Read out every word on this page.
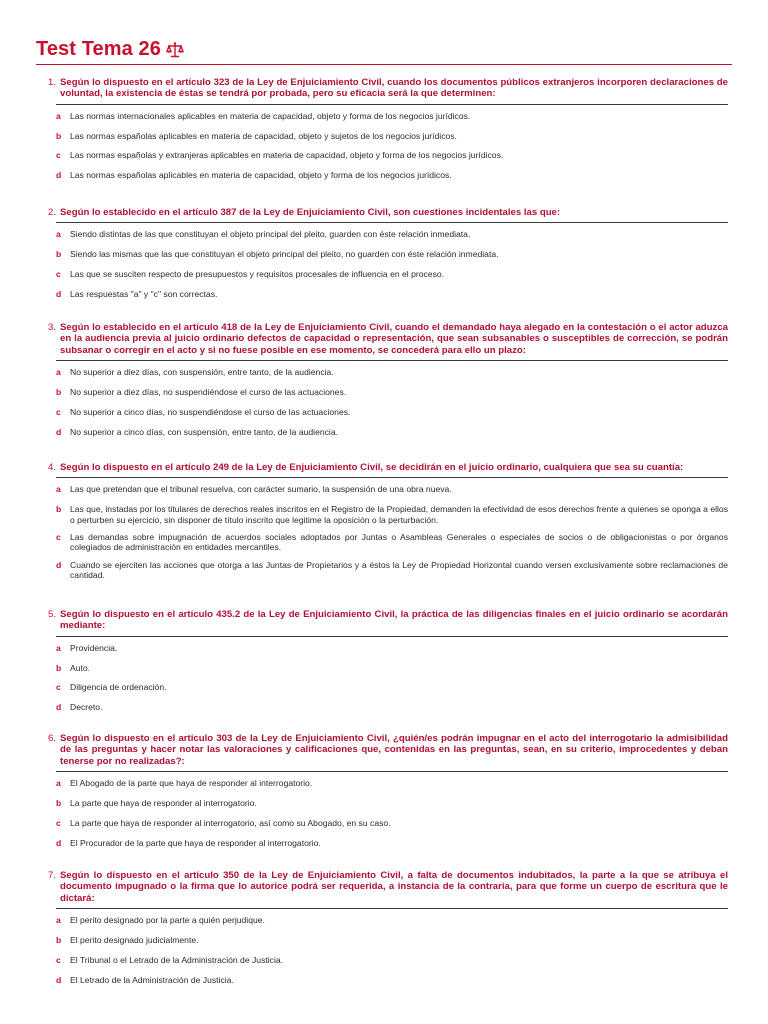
Test Tema 26
1. Según lo dispuesto en el artículo 323 de la Ley de Enjuiciamiento Civil, cuando los documentos públicos extranjeros incorporen declaraciones de voluntad, la existencia de éstas se tendrá por probada, pero su eficacia será la que determinen:
a	Las normas internacionales aplicables en materia de capacidad, objeto y forma de los negocios jurídicos.
b	Las normas españolas aplicables en materia de capacidad, objeto y sujetos de los negocios jurídicos.
c	Las normas españolas y extranjeras aplicables en materia de capacidad, objeto y forma de los negocios jurídicos.
d	Las normas españolas aplicables en materia de capacidad, objeto y forma de los negocios jurídicos.
2. Según lo establecido en el artículo 387 de la Ley de Enjuiciamiento Civil, son cuestiones incidentales las que:
a	Siendo distintas de las que constituyan el objeto principal del pleito, guarden con éste relación inmediata.
b	Siendo las mismas que las que constituyan el objeto principal del pleito, no guarden con éste relación inmediata.
c	Las que se susciten respecto de presupuestos y requisitos procesales de influencia en el proceso.
d	Las respuestas "a" y "c" son correctas.
3. Según lo establecido en el artículo 418 de la Ley de Enjuiciamiento Civil, cuando el demandado haya alegado en la contestación o el actor aduzca en la audiencia previa al juicio ordinario defectos de capacidad o representación, que sean subsanables o susceptibles de corrección, se podrán subsanar o corregir en el acto y si no fuese posible en ese momento, se concederá para ello un plazo:
a	No superior a diez días, con suspensión, entre tanto, de la audiencia.
b	No superior a diez días, no suspendiéndose el curso de las actuaciones.
c	No superior a cinco días, no suspendiéndose el curso de las actuaciones.
d	No superior a cinco días, con suspensión, entre tanto, de la audiencia.
4. Según lo dispuesto en el artículo 249 de la Ley de Enjuiciamiento Civil, se decidirán en el juicio ordinario, cualquiera que sea su cuantía:
a	Las que pretendan que el tribunal resuelva, con carácter sumario, la suspensión de una obra nueva.
b	Las que, instadas por los titulares de derechos reales inscritos en el Registro de la Propiedad, demanden la efectividad de esos derechos frente a quienes se oponga a ellos o perturben su ejercicio, sin disponer de título inscrito que legitime la oposición o la perturbación.
c	Las demandas sobre impugnación de acuerdos sociales adoptados por Juntas o Asambleas Generales o especiales de socios o de obligacionistas o por órganos colegiados de administración en entidades mercantiles.
d	Cuando se ejerciten las acciones que otorga a las Juntas de Propietarios y a éstos la Ley de Propiedad Horizontal cuando versen exclusivamente sobre reclamaciones de cantidad.
5. Según lo dispuesto en el artículo 435.2 de la Ley de Enjuiciamiento Civil, la práctica de las diligencias finales en el juicio ordinario se acordarán mediante:
a	Providencia.
b	Auto.
c	Diligencia de ordenación.
d	Decreto.
6. Según lo dispuesto en el artículo 303 de la Ley de Enjuiciamiento Civil, ¿quién/es podrán impugnar en el acto del interrogotario la admisibilidad de las preguntas y hacer notar las valoraciones y calificaciones que, contenidas en las preguntas, sean, en su criterio, improcedentes y deban tenerse por no realizadas?:
a	El Abogado de la parte que haya de responder al interrogatorio.
b	La parte que haya de responder al interrogatorio.
c	La parte que haya de responder al interrogatorio, así como su Abogado, en su caso.
d	El Procurador de la parte que haya de responder al interrogatorio.
7. Según lo dispuesto en el artículo 350 de la Ley de Enjuiciamiento Civil, a falta de documentos indubitados, la parte a la que se atribuya el documento impugnado o la firma que lo autorice podrá ser requerida, a instancia de la contraria, para que forme un cuerpo de escritura que le dictará:
a	El perito designado por la parte a quién perjudique.
b	El perito designado judicialmente.
c	El Tribunal o el Letrado de la Administración de Justicia.
d	El Letrado de la Administración de Justicia.
